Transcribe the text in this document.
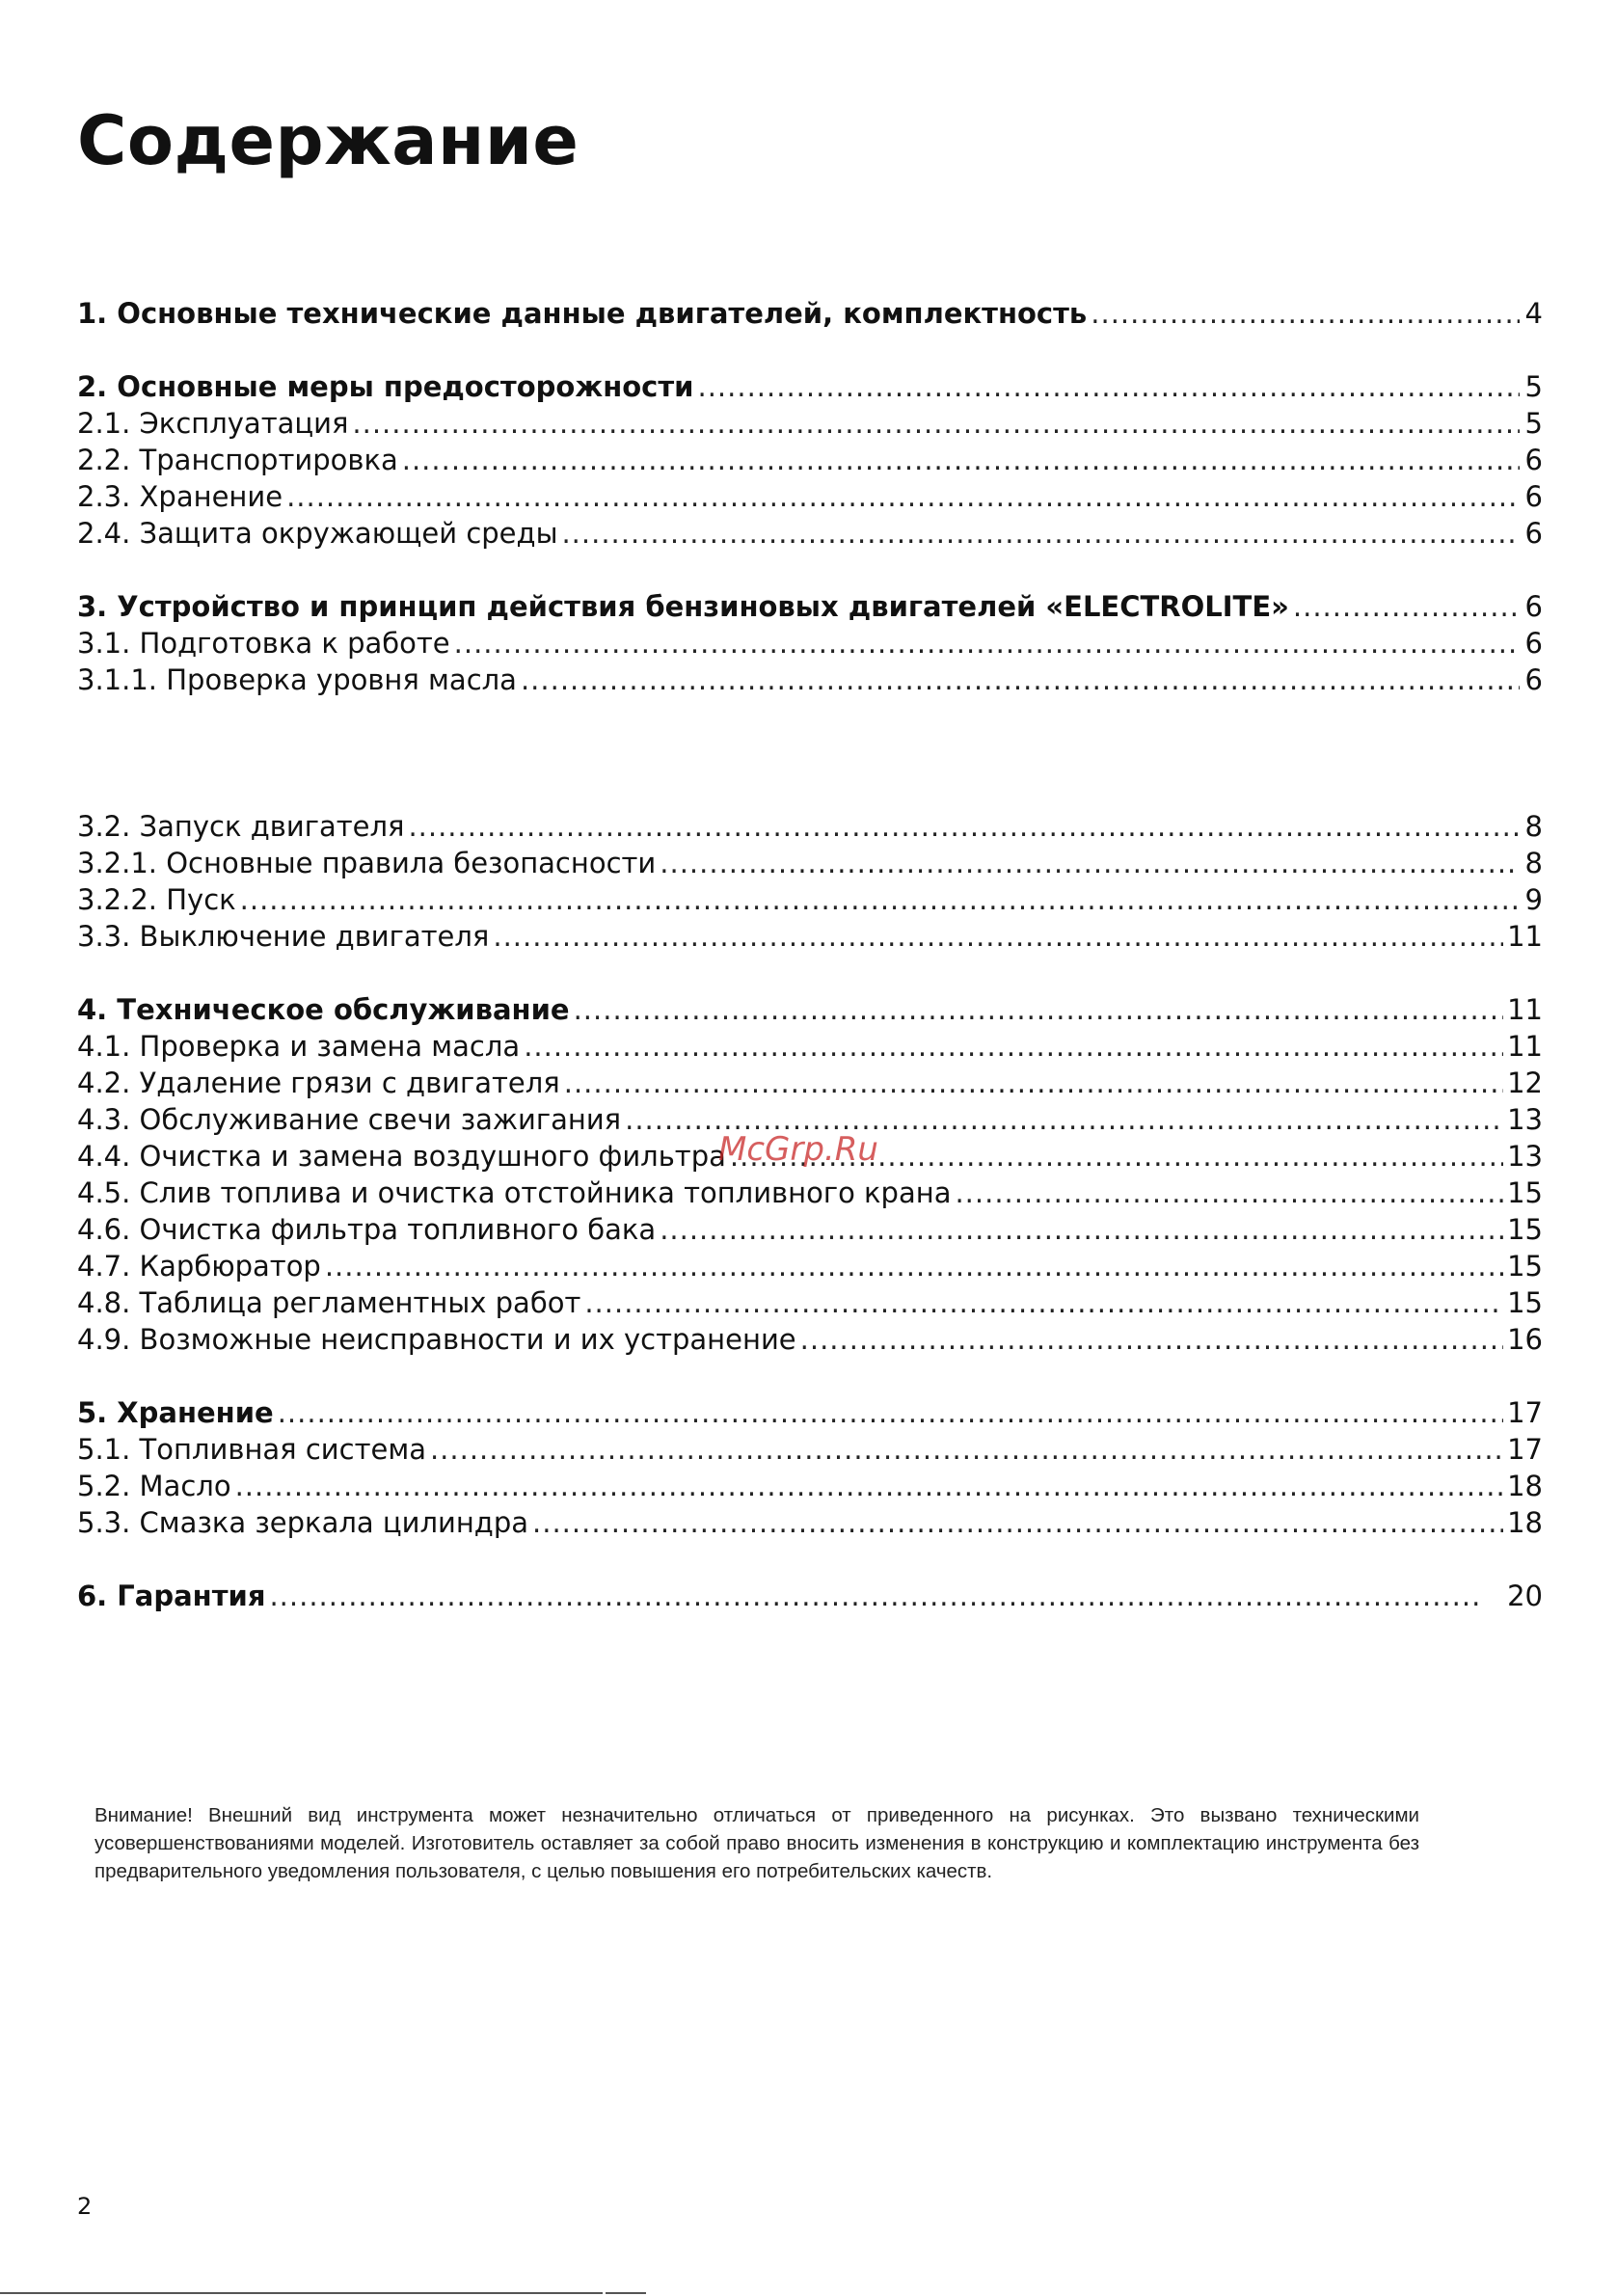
Содержание
1. Основные технические данные двигателей, комплектность .....	4
2. Основные меры предосторожности .....	5
2.1. Эксплуатация .....	5
2.2. Транспортировка .....	6
2.3. Хранение .....	6
2.4. Защита окружающей среды .....	6
3. Устройство и принцип действия бензиновых двигателей «ELECTROLITE» .....	6
3.1. Подготовка к работе .....	6
3.1.1. Проверка уровня масла .....	6
3.2. Запуск двигателя .....	8
3.2.1. Основные правила безопасности .....	8
3.2.2. Пуск .....	9
3.3. Выключение двигателя .....	11
4. Техническое обслуживание .....	11
4.1. Проверка и замена масла .....	11
4.2. Удаление грязи с двигателя .....	12
4.3. Обслуживание свечи зажигания .....	13
4.4. Очистка и замена воздушного фильтра .....	13
4.5. Слив топлива и очистка отстойника топливного крана .....	15
4.6. Очистка фильтра топливного бака .....	15
4.7. Карбюратор .....	15
4.8. Таблица регламентных работ .....	15
4.9. Возможные неисправности и их устранение .....	16
5. Хранение .....	17
5.1. Топливная система .....	17
5.2. Масло .....	18
5.3. Смазка зеркала цилиндра .....	18
6. Гарантия .....	20
McGrp.Ru

Внимание! Внешний вид инструмента может незначительно отличаться от приведенного на рисунках. Это вызвано техническими усовершенствованиями моделей. Изготовитель оставляет за собой право вносить изменения в конструкцию и комплектацию инструмента без предварительного уведомления пользователя, с целью повышения его потребительских качеств.

2
